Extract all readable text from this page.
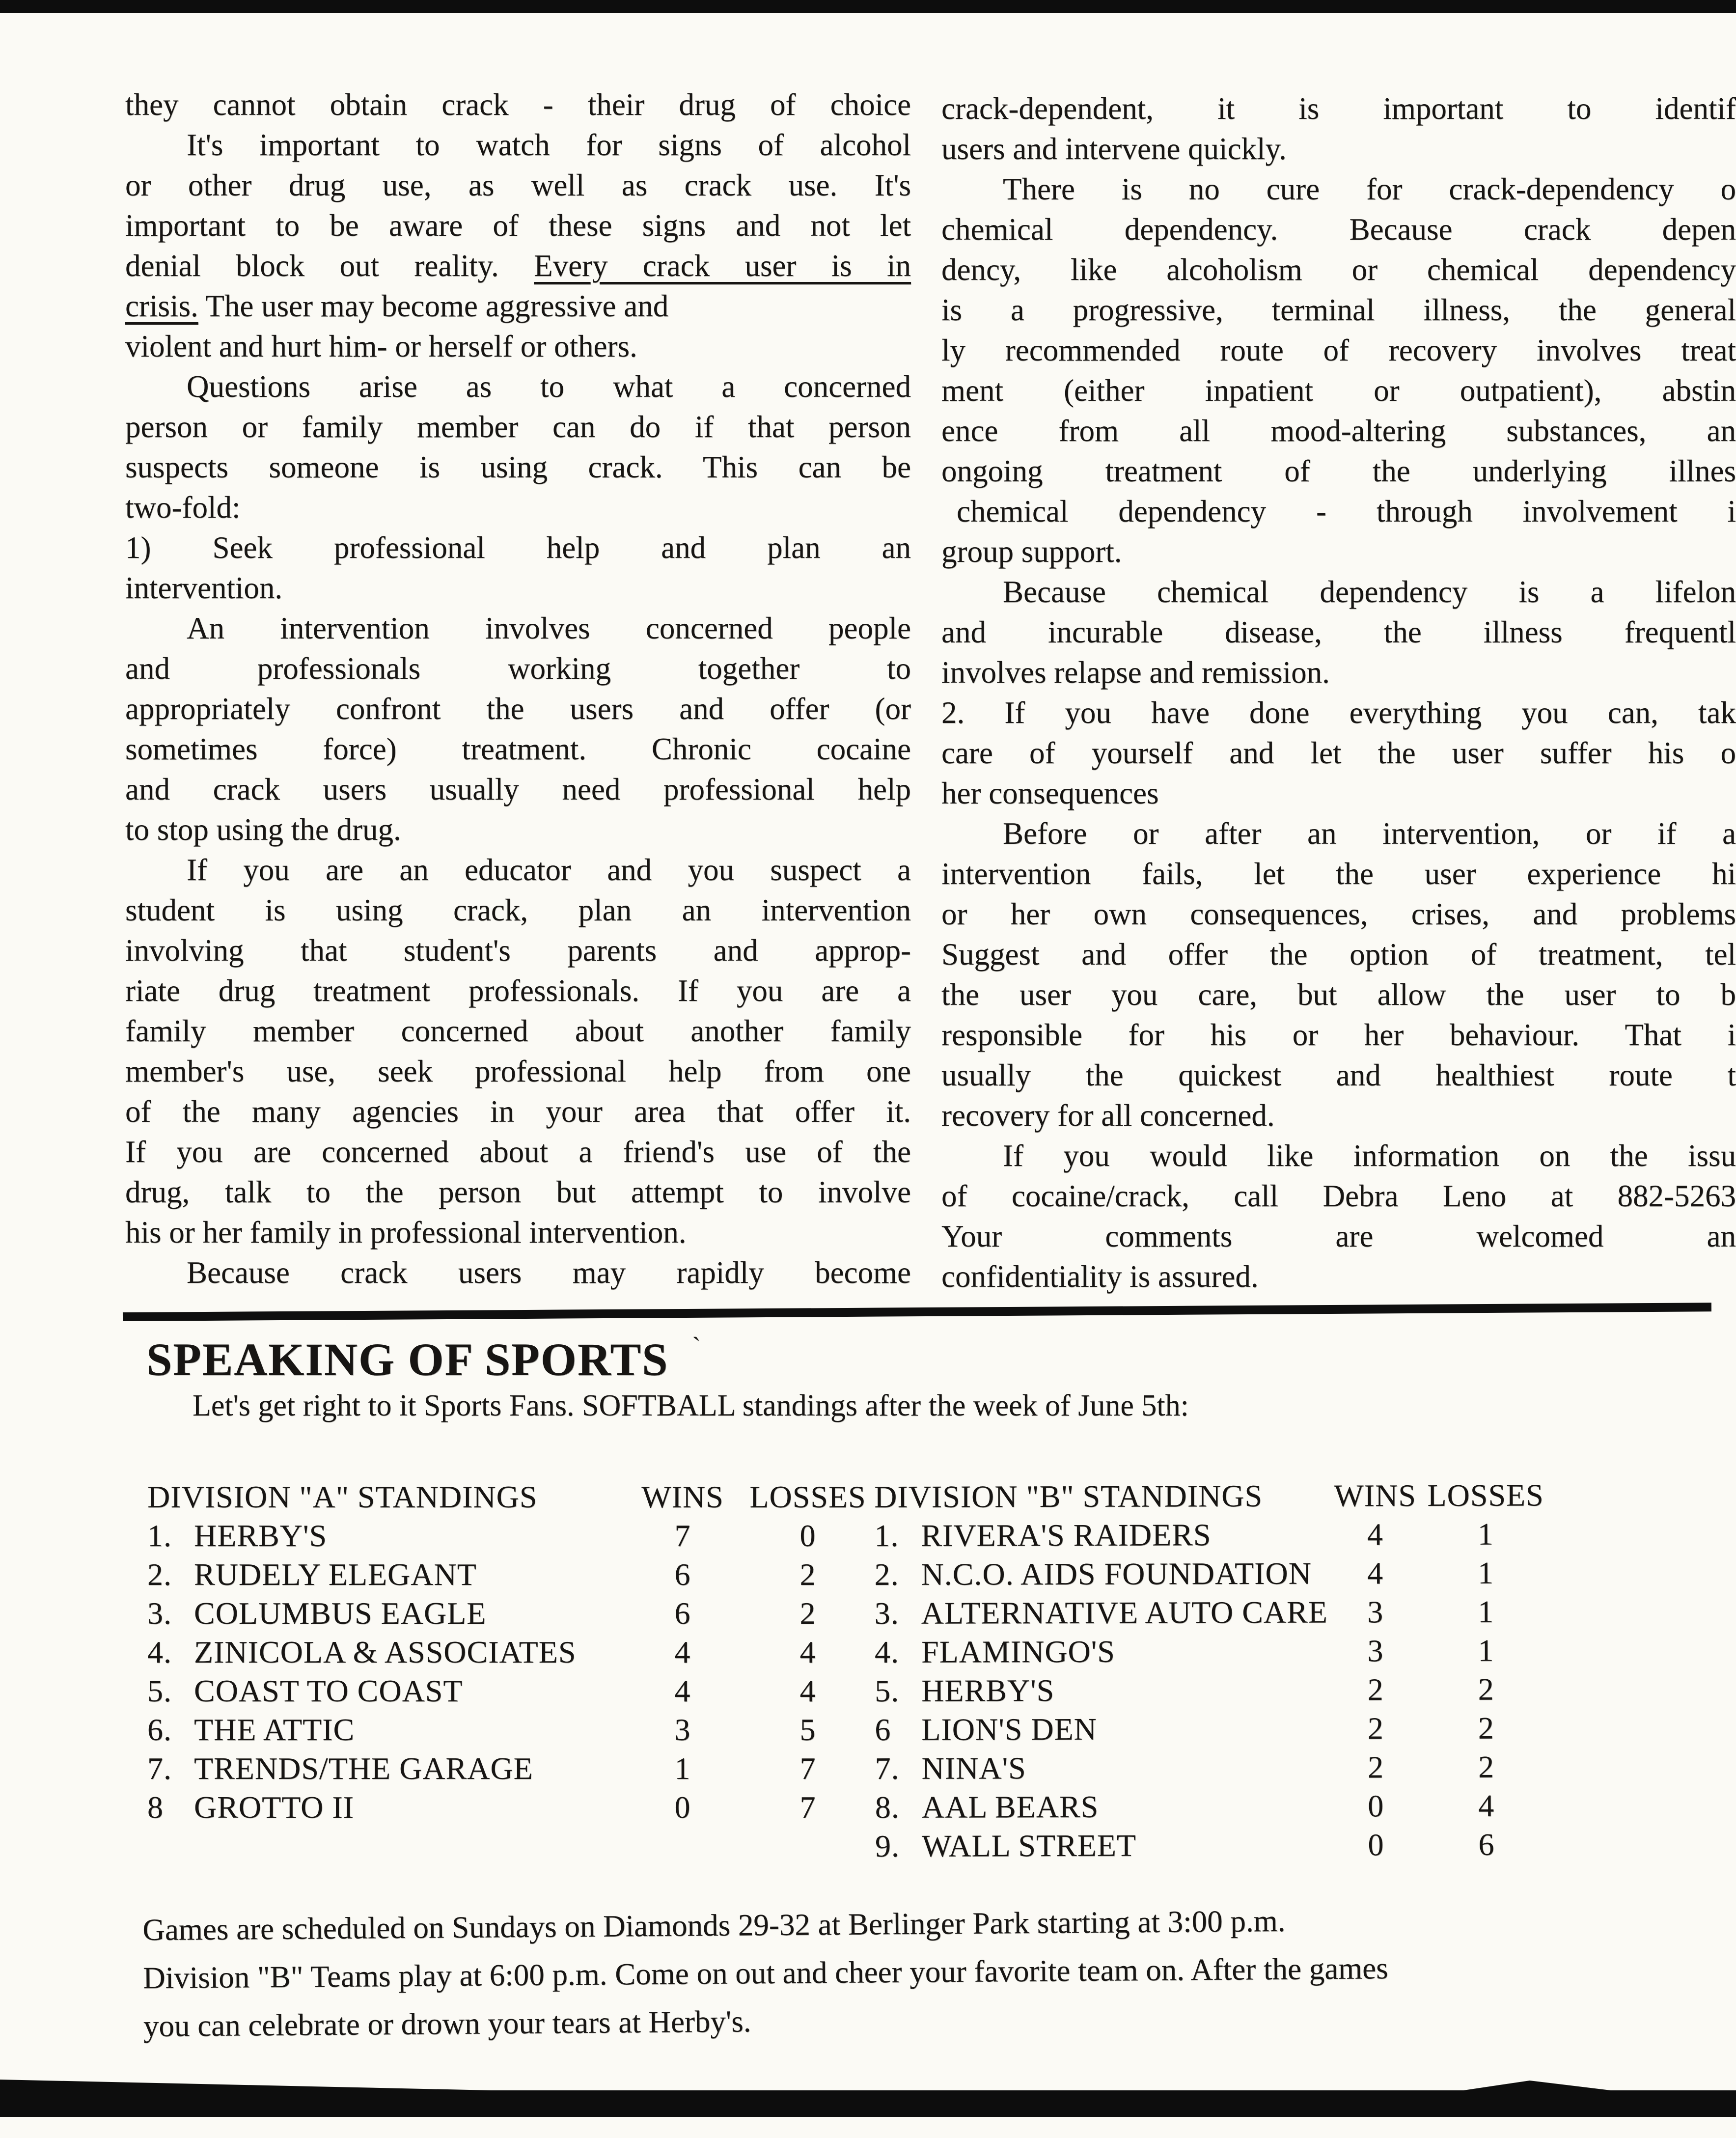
they cannot obtain crack - their drug of choice
It's important to watch for signs of alcohol
or other drug use, as well as crack use. It's
important to be aware of these signs and not let
denial block out reality. Every crack user is in
crisis. The user may become aggressive and
violent and hurt him- or herself or others.
Questions arise as to what a concerned
person or family member can do if that person
suspects someone is using crack. This can be
two-fold:
1) Seek professional help and plan an
intervention.
An intervention involves concerned people
and professionals working together to
appropriately confront the users and offer (or
sometimes force) treatment. Chronic cocaine
and crack users usually need professional help
to stop using the drug.
If you are an educator and you suspect a
student is using crack, plan an intervention
involving that student's parents and approp-
riate drug treatment professionals. If you are a
family member concerned about another family
member's use, seek professional help from one
of the many agencies in your area that offer it.
If you are concerned about a friend's use of the
drug, talk to the person but attempt to involve
his or her family in professional intervention.
Because crack users may rapidly become
crack-dependent, it is important to identif
users and intervene quickly.
There is no cure for crack-dependency o
chemical dependency. Because crack depen
dency, like alcoholism or chemical dependency
is a progressive, terminal illness, the general
ly recommended route of recovery involves treat
ment (either inpatient or outpatient), abstin
ence from all mood-altering substances, an
ongoing treatment of the underlying illnes
chemical dependency - through involvement i
group support.
Because chemical dependency is a lifelon
and incurable disease, the illness frequentl
involves relapse and remission.
2. If you have done everything you can, tak
care of yourself and let the user suffer his o
her consequences
Before or after an intervention, or if a
intervention fails, let the user experience hi
or her own consequences, crises, and problems
Suggest and offer the option of treatment, tel
the user you care, but allow the user to b
responsible for his or her behaviour. That i
usually the quickest and healthiest route t
recovery for all concerned.
If you would like information on the issu
of cocaine/crack, call Debra Leno at 882-5263
Your comments are welcomed an
confidentiality is assured.
SPEAKING OF SPORTS `

Let's get right to it Sports Fans. SOFTBALL standings after the week of June 5th:

DIVISION "A" STANDINGS	WINS LOSSES
1. HERBY'S	7	0
2. RUDELY ELEGANT	6	2
3. COLUMBUS EAGLE	6	2
4. ZINICOLA & ASSOCIATES	4	4
5. COAST TO COAST	4	4
6. THE ATTIC	3	5
7. TRENDS/THE GARAGE	1	7
8 GROTTO II	0	7
DIVISION "B" STANDINGS	WINS LOSSES
1. RIVERA'S RAIDERS	4	1
2. N.C.O. AIDS FOUNDATION	4	1
3. ALTERNATIVE AUTO CARE	3	1
4. FLAMINGO'S	3	1
5. HERBY'S	2	2
6 LION'S DEN	2	2
7. NINA'S	2	2
8. AAL BEARS	0	4
9. WALL STREET	0	6

Games are scheduled on Sundays on Diamonds 29-32 at Berlinger Park starting at 3:00 p.m.

Division "B" Teams play at 6:00 p.m. Come on out and cheer your favorite team on. After the games

you can celebrate or drown your tears at Herby's.
